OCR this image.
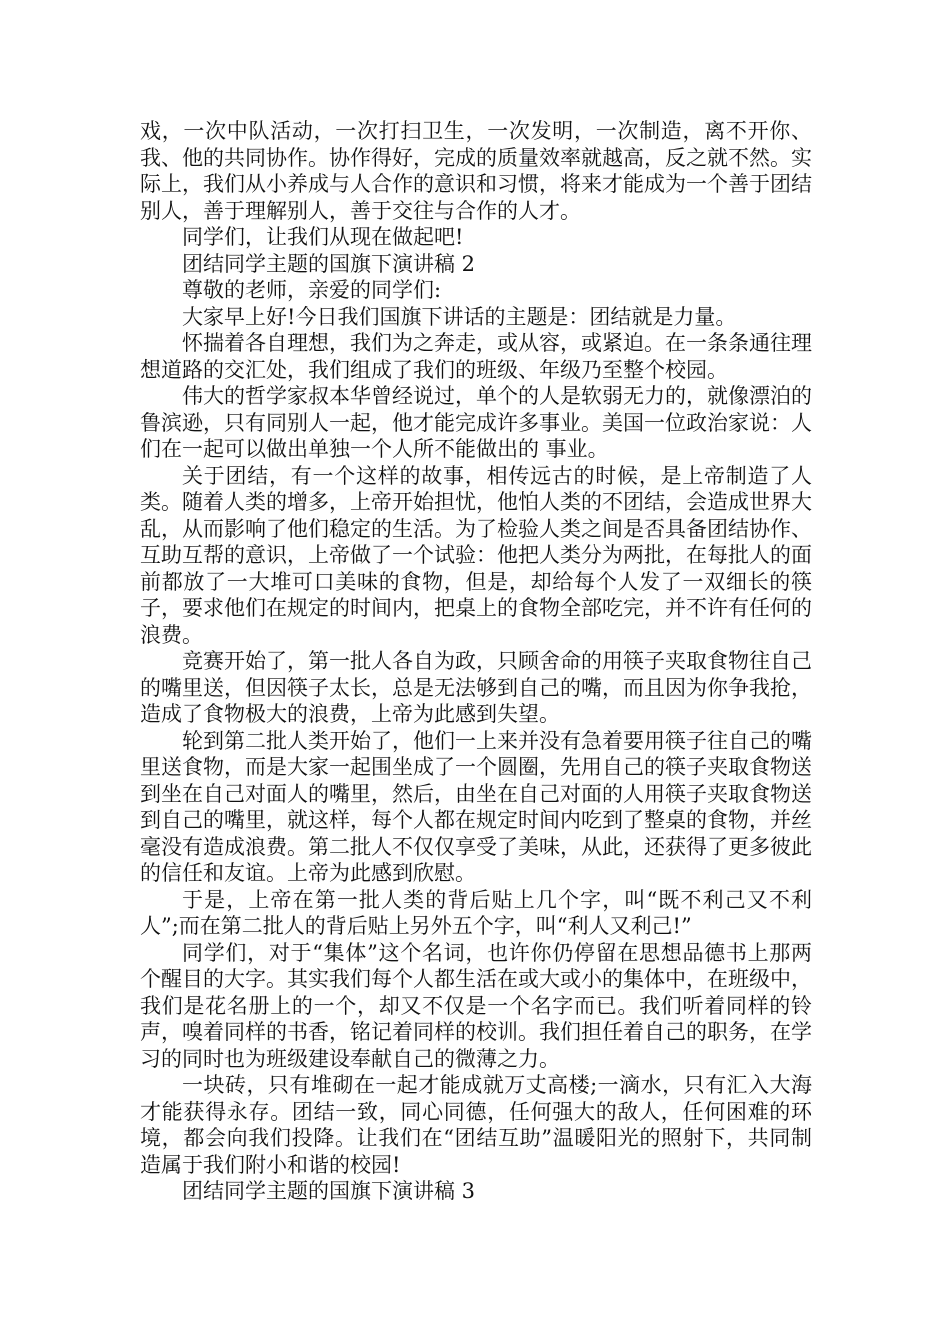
戏，一次中队活动，一次打扫卫生，一次发明，一次制造，离不开你、我、他的共同协作。协作得好，完成的质量效率就越高，反之就不然。实际上，我们从小养成与人合作的意识和习惯，将来才能成为一个善于团结别人，善于理解别人，善于交往与合作的人才。

同学们，让我们从现在做起吧!

团结同学主题的国旗下演讲稿 2

尊敬的老师，亲爱的同学们:

大家早上好!今日我们国旗下讲话的主题是：团结就是力量。

怀揣着各自理想，我们为之奔走，或从容，或紧迫。在一条条通往理想道路的交汇处，我们组成了我们的班级、年级乃至整个校园。

伟大的哲学家叔本华曾经说过，单个的人是软弱无力的，就像漂泊的鲁滨逊，只有同别人一起，他才能完成许多事业。美国一位政治家说：人们在一起可以做出单独一个人所不能做出的 事业。

关于团结，有一个这样的故事，相传远古的时候，是上帝制造了人类。随着人类的增多，上帝开始担忧，他怕人类的不团结，会造成世界大乱，从而影响了他们稳定的生活。为了检验人类之间是否具备团结协作、互助互帮的意识，上帝做了一个试验：他把人类分为两批，在每批人的面前都放了一大堆可口美味的食物，但是，却给每个人发了一双细长的筷子，要求他们在规定的时间内，把桌上的食物全部吃完，并不许有任何的浪费。

竞赛开始了，第一批人各自为政，只顾舍命的用筷子夹取食物往自己的嘴里送，但因筷子太长，总是无法够到自己的嘴，而且因为你争我抢，造成了食物极大的浪费，上帝为此感到失望。

轮到第二批人类开始了，他们一上来并没有急着要用筷子往自己的嘴里送食物，而是大家一起围坐成了一个圆圈，先用自己的筷子夹取食物送到坐在自己对面人的嘴里，然后，由坐在自己对面的人用筷子夹取食物送到自己的嘴里，就这样，每个人都在规定时间内吃到了整桌的食物，并丝毫没有造成浪费。第二批人不仅仅享受了美味，从此，还获得了更多彼此的信任和友谊。上帝为此感到欣慰。

于是，上帝在第一批人类的背后贴上几个字，叫“既不利己又不利人”;而在第二批人的背后贴上另外五个字，叫“利人又利己!”

同学们，对于“集体”这个名词，也许你仍停留在思想品德书上那两个醒目的大字。其实我们每个人都生活在或大或小的集体中，在班级中，我们是花名册上的一个，却又不仅是一个名字而已。我们听着同样的铃声，嗅着同样的书香，铭记着同样的校训。我们担任着自己的职务，在学习的同时也为班级建设奉献自己的微薄之力。

一块砖，只有堆砌在一起才能成就万丈高楼;一滴水，只有汇入大海才能获得永存。团结一致，同心同德，任何强大的敌人，任何困难的环境，都会向我们投降。让我们在“团结互助”温暖阳光的照射下，共同制造属于我们附小和谐的校园!

团结同学主题的国旗下演讲稿 3
